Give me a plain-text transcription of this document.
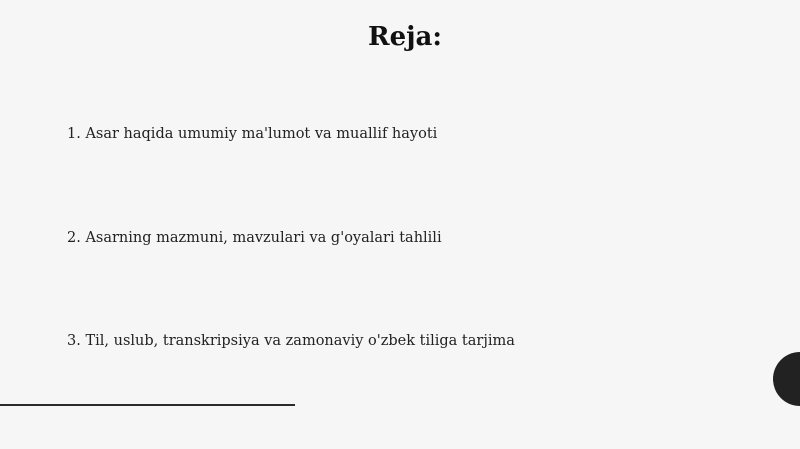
Reja:
1. Asar haqida umumiy ma'lumot va muallif hayoti
2. Asarning mazmuni, mavzulari va g'oyalari tahlili
3. Til, uslub, transkripsiya va zamonaviy o'zbek tiliga tarjima
